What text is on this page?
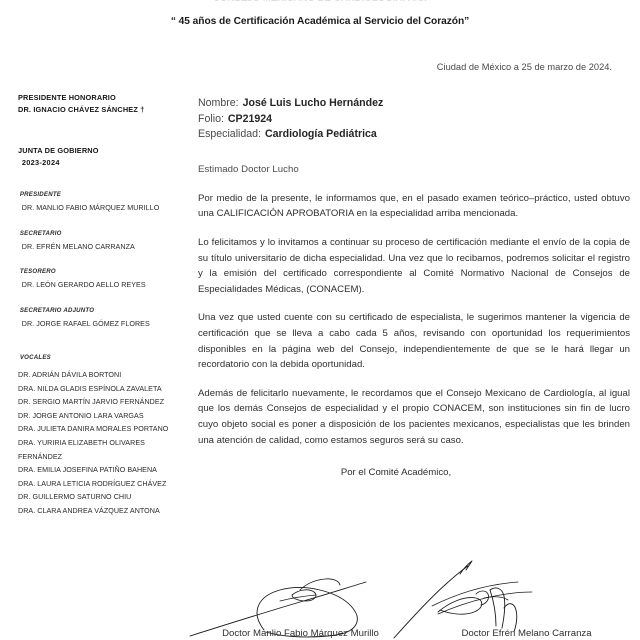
“ 45 años de Certificación Académica al Servicio del Corazón”
Ciudad de México a 25 de marzo de 2024.
PRESIDENTE HONORARIO
DR. IGNACIO CHÁVEZ SÁNCHEZ †
JUNTA DE GOBIERNO
2023-2024
PRESIDENTE
DR. MANLIO FABIO MÁRQUEZ MURILLO
SECRETARIO
DR. EFRÉN MELANO CARRANZA
TESORERO
DR. LEÓN GERARDO AELLO REYES
SECRETARIO ADJUNTO
DR. JORGE RAFAEL GÓMEZ FLORES
VOCALES
DR. ADRIÁN DÁVILA BORTONI
DRA. NILDA GLADIS ESPÍNOLA ZAVALETA
DR. SERGIO MARTÍN JARVIO FERNÁNDEZ
DR. JORGE ANTONIO LARA VARGAS
DRA. JULIETA DANIRA MORALES PORTANO
DRA. YURIRIA ELIZABETH OLIVARES
FERNÁNDEZ
DRA. EMILIA JOSEFINA PATIÑO BAHENA
DRA. LAURA LETICIA RODRÍGUEZ CHÁVEZ
DR. GUILLERMO SATURNO CHIU
DRA. CLARA ANDREA VÁZQUEZ ANTONA
Nombre: José Luis Lucho Hernández
Folio: CP21924
Especialidad: Cardiología Pediátrica
Estimado Doctor Lucho
Por medio de la presente, le informamos que, en el pasado examen teórico–práctico, usted obtuvo una CALIFICACIÓN APROBATORIA en la especialidad arriba mencionada.
Lo felicitamos y lo invitamos a continuar su proceso de certificación mediante el envío de la copia de su título universitario de dicha especialidad. Una vez que lo recibamos, podremos solicitar el registro y la emisión del certificado correspondiente al Comité Normativo Nacional de Consejos de Especialidades Médicas, (CONACEM).
Una vez que usted cuente con su certificado de especialista, le sugerimos mantener la vigencia de certificación que se lleva a cabo cada 5 años, revisando con oportunidad los requerimientos disponibles en la página web del Consejo, independientemente de que se le hará llegar un recordatorio con la debida oportunidad.
Además de felicitarlo nuevamente, le recordamos que el Consejo Mexicano de Cardiología, al igual que los demás Consejos de especialidad y el propio CONACEM, son instituciones sin fin de lucro cuyo objeto social es poner a disposición de los pacientes mexicanos, especialistas que les brinden una atención de calidad, como estamos seguros será su caso.
Por el Comité Académico,
Doctor Manlio Fabio Márquez Murillo	Doctor Efrén Melano Carranza
